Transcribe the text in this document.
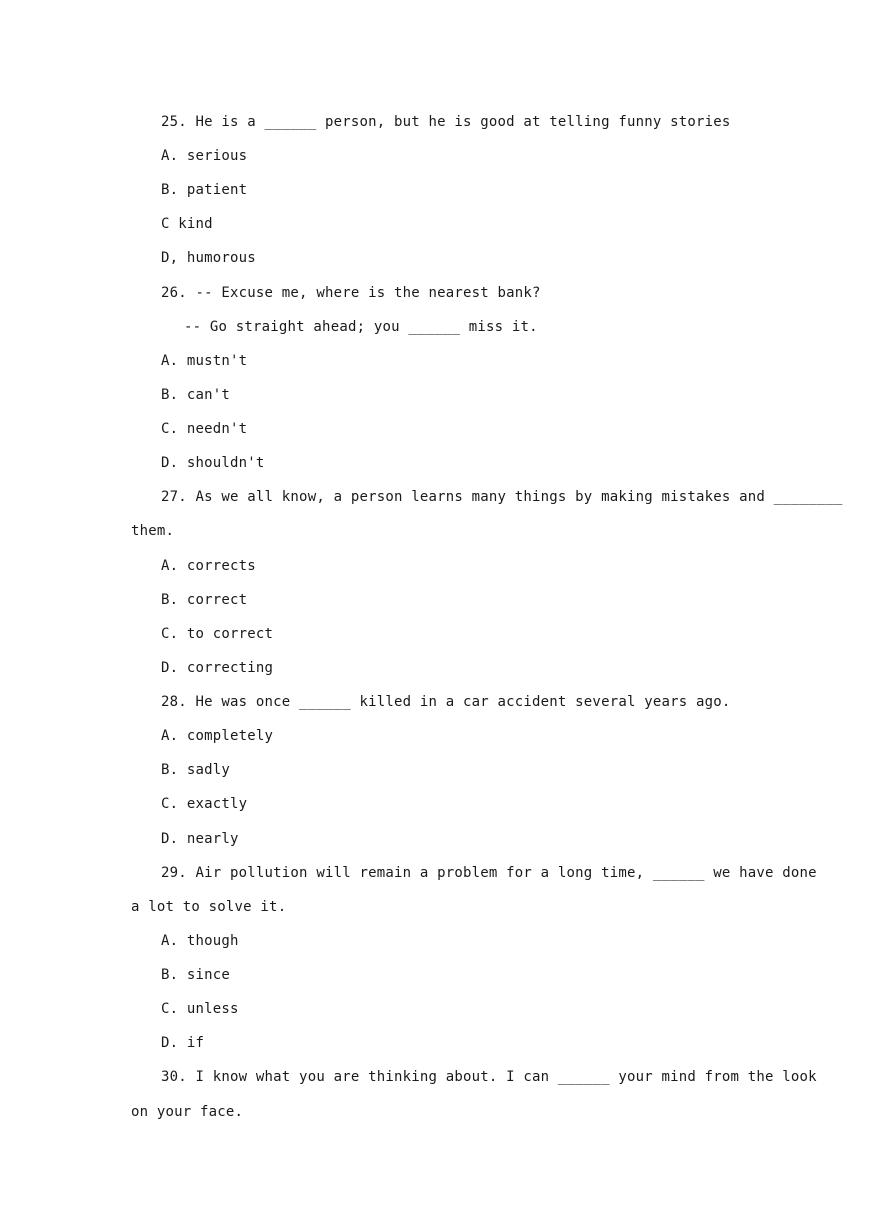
25. He is a ______ person, but he is good at telling funny stories
A. serious
B. patient
C kind
D, humorous
26. -- Excuse me, where is the nearest bank?
-- Go straight ahead; you ______ miss it.
A. mustn't
B. can't
C. needn't
D. shouldn't
27. As we all know, a person learns many things by making mistakes and ________
them.
A. corrects
B. correct
C. to correct
D. correcting
28. He was once ______ killed in a car accident several years ago.
A. completely
B. sadly
C. exactly
D. nearly
29. Air pollution will remain a problem for a long time, ______ we have done
a lot to solve it.
A. though
B. since
C. unless
D. if
30. I know what you are thinking about. I can ______ your mind from the look
on your face.
